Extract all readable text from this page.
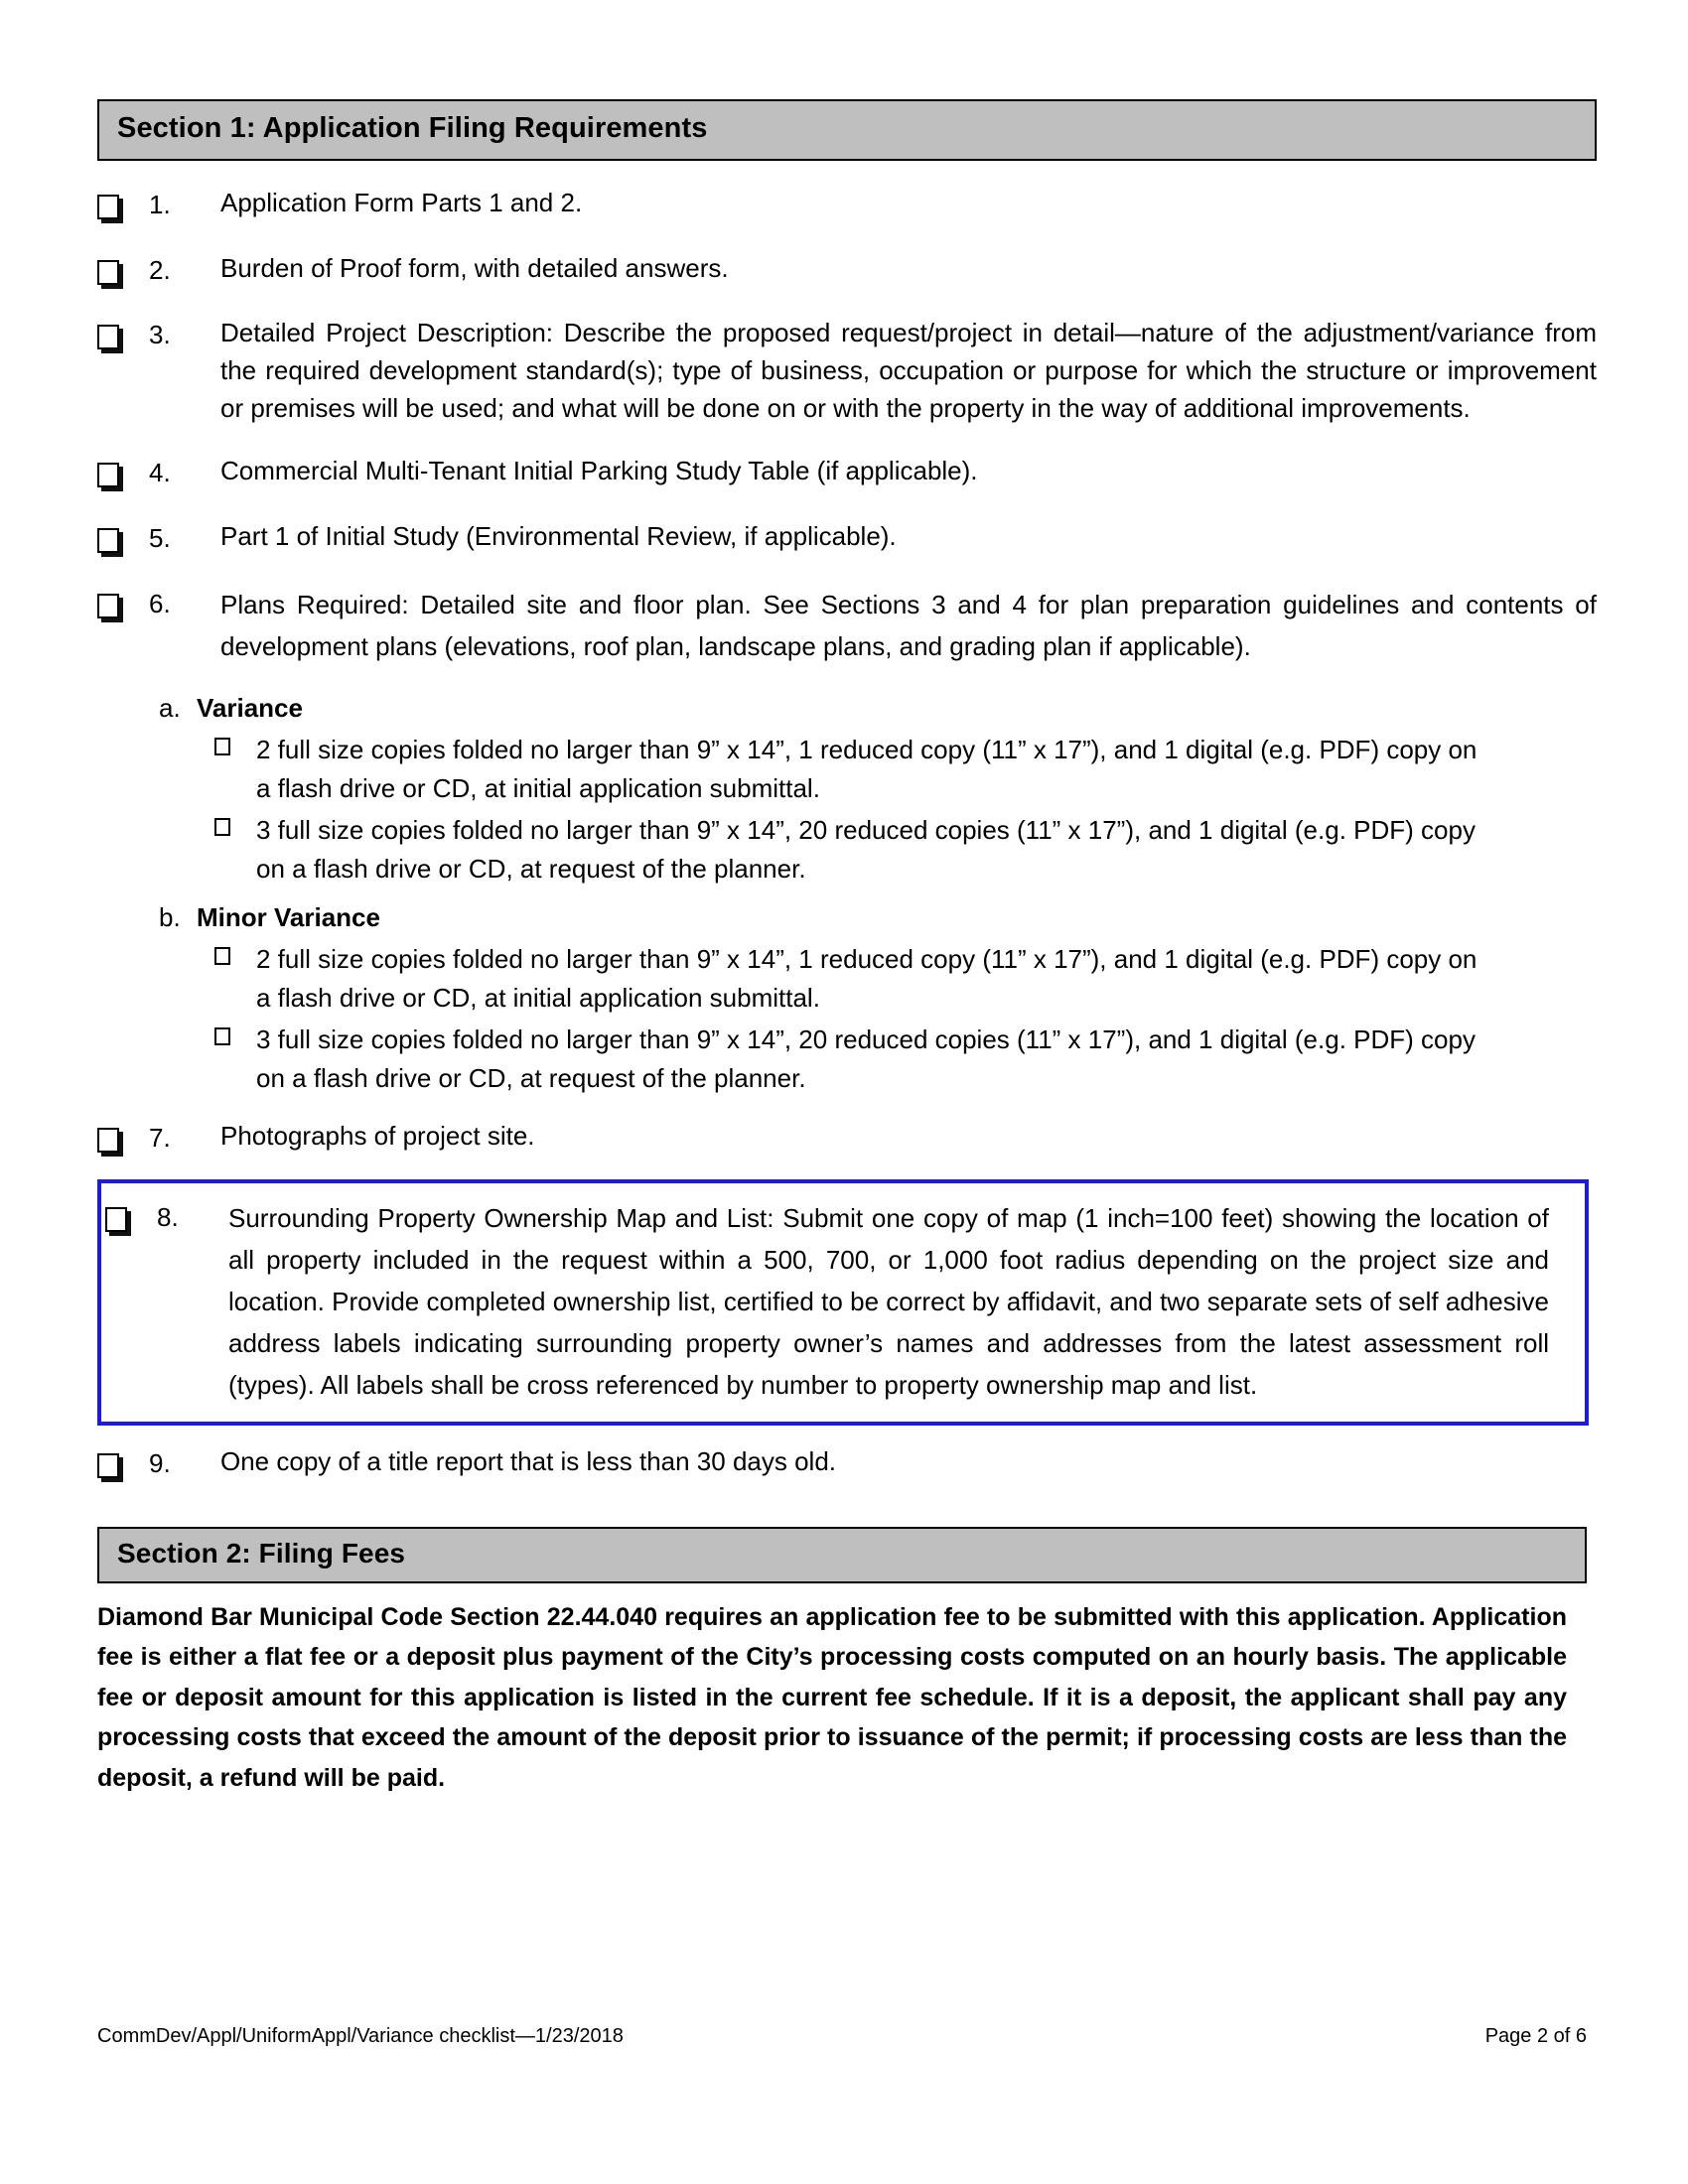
Section 1: Application Filing Requirements
1.	Application Form Parts 1 and 2.
2.	Burden of Proof form, with detailed answers.
3.	Detailed Project Description: Describe the proposed request/project in detail—nature of the adjustment/variance from the required development standard(s); type of business, occupation or purpose for which the structure or improvement or premises will be used; and what will be done on or with the property in the way of additional improvements.
4.	Commercial Multi-Tenant Initial Parking Study Table (if applicable).
5.	Part 1 of Initial Study (Environmental Review, if applicable).
6.	Plans Required: Detailed site and floor plan. See Sections 3 and 4 for plan preparation guidelines and contents of development plans (elevations, roof plan, landscape plans, and grading plan if applicable).
a. Variance
2 full size copies folded no larger than 9” x 14”, 1 reduced copy (11” x 17”), and 1 digital (e.g. PDF) copy on a flash drive or CD, at initial application submittal.
3 full size copies folded no larger than 9” x 14”, 20 reduced copies (11” x 17”), and 1 digital (e.g. PDF) copy on a flash drive or CD, at request of the planner.
b. Minor Variance
2 full size copies folded no larger than 9” x 14”, 1 reduced copy (11” x 17”), and 1 digital (e.g. PDF) copy on a flash drive or CD, at initial application submittal.
3 full size copies folded no larger than 9” x 14”, 20 reduced copies (11” x 17”), and 1 digital (e.g. PDF) copy on a flash drive or CD, at request of the planner.
7.	Photographs of project site.
8.	Surrounding Property Ownership Map and List: Submit one copy of map (1 inch=100 feet) showing the location of all property included in the request within a 500, 700, or 1,000 foot radius depending on the project size and location. Provide completed ownership list, certified to be correct by affidavit, and two separate sets of self adhesive address labels indicating surrounding property owner’s names and addresses from the latest assessment roll (types). All labels shall be cross referenced by number to property ownership map and list.
9.	One copy of a title report that is less than 30 days old.
Section 2: Filing Fees
Diamond Bar Municipal Code Section 22.44.040 requires an application fee to be submitted with this application. Application fee is either a flat fee or a deposit plus payment of the City’s processing costs computed on an hourly basis. The applicable fee or deposit amount for this application is listed in the current fee schedule. If it is a deposit, the applicant shall pay any processing costs that exceed the amount of the deposit prior to issuance of the permit; if processing costs are less than the deposit, a refund will be paid.
CommDev/Appl/UniformAppl/Variance checklist—1/23/2018	Page 2 of 6
